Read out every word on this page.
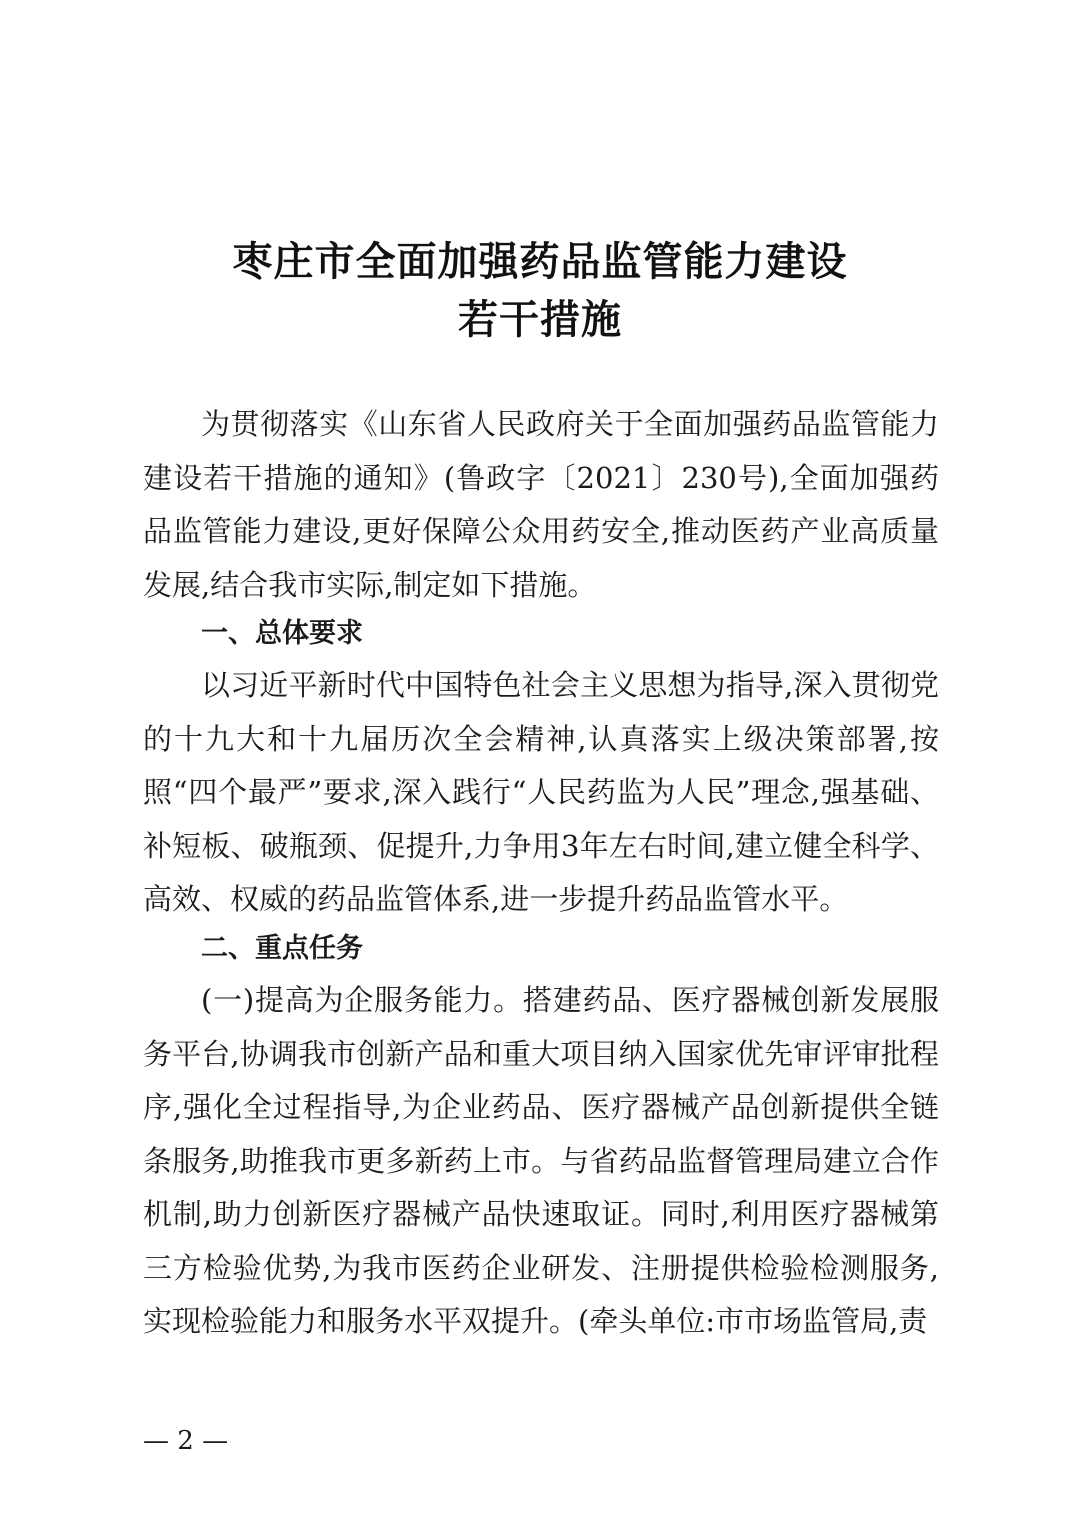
枣庄市全面加强药品监管能力建设
若干措施

为贯彻落实《山东省人民政府关于全面加强药品监管能力建设若干措施的通知》(鲁政字〔2021〕230号),全面加强药品监管能力建设,更好保障公众用药安全,推动医药产业高质量发展,结合我市实际,制定如下措施。

一、总体要求

以习近平新时代中国特色社会主义思想为指导,深入贯彻党的十九大和十九届历次全会精神,认真落实上级决策部署,按照“四个最严”要求,深入践行“人民药监为人民”理念,强基础、补短板、破瓶颈、促提升,力争用3年左右时间,建立健全科学、高效、权威的药品监管体系,进一步提升药品监管水平。

二、重点任务

(一)提高为企服务能力。搭建药品、医疗器械创新发展服务平台,协调我市创新产品和重大项目纳入国家优先审评审批程序,强化全过程指导,为企业药品、医疗器械产品创新提供全链条服务,助推我市更多新药上市。与省药品监督管理局建立合作机制,助力创新医疗器械产品快速取证。同时,利用医疗器械第三方检验优势,为我市医药企业研发、注册提供检验检测服务,实现检验能力和服务水平双提升。(牵头单位:市市场监管局,责

— 2 —
